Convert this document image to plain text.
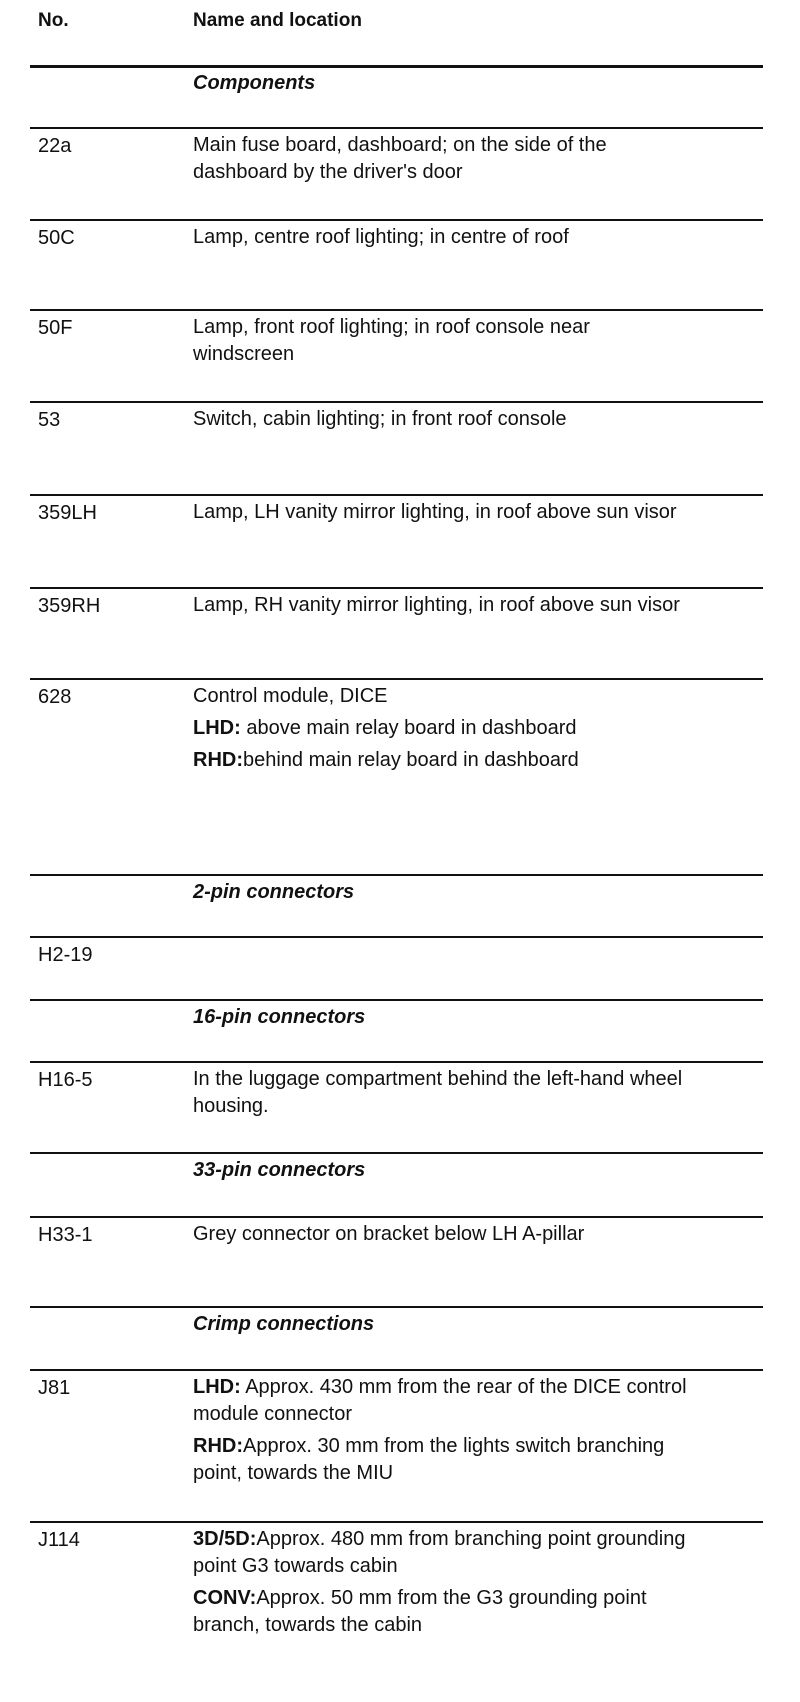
No.	Name and location
Components
22a	Main fuse board, dashboard; on the side of the dashboard by the driver's door
50C	Lamp, centre roof lighting; in centre of roof
50F	Lamp, front roof lighting; in roof console near windscreen
53	Switch, cabin lighting; in front roof console
359LH	Lamp, LH vanity mirror lighting, in roof above sun visor
359RH	Lamp, RH vanity mirror lighting, in roof above sun visor
628	Control module, DICE

LHD: above main relay board in dashboard

RHD:behind main relay board in dashboard

2-pin connectors
H2-19
16-pin connectors
H16-5	In the luggage compartment behind the left-hand wheel housing.
33-pin connectors
H33-1	Grey connector on bracket below LH A-pillar
Crimp connections
J81	LHD: Approx. 430 mm from the rear of the DICE control module connector

RHD:Approx. 30 mm from the lights switch branching point, towards the MIU

J114	3D/5D:Approx. 480 mm from branching point grounding point G3 towards cabin

CONV:Approx. 50 mm from the G3 grounding point branch, towards the cabin
